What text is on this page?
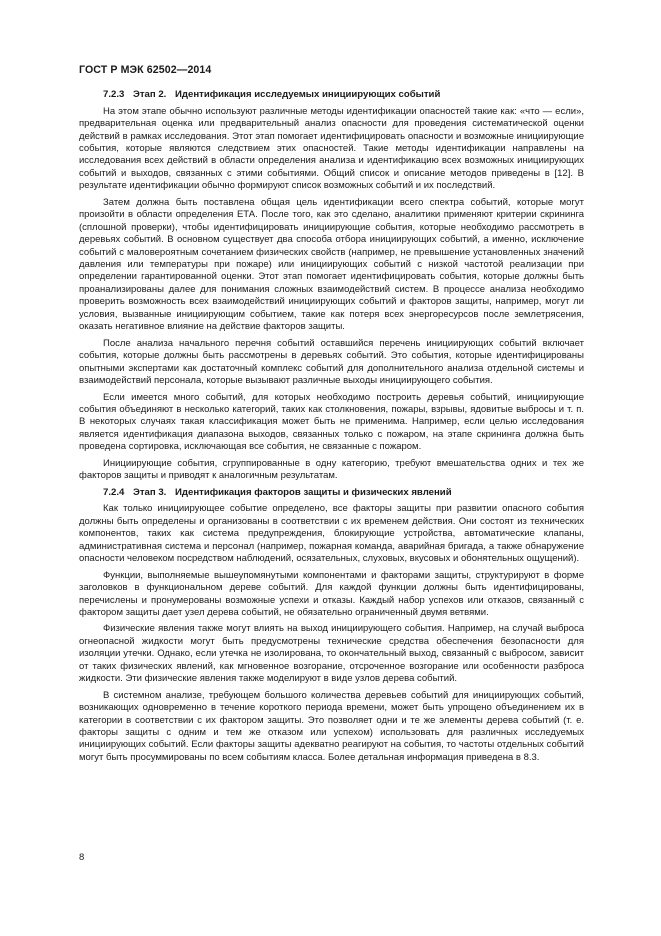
ГОСТ Р МЭК 62502—2014
7.2.3 Этап 2. Идентификация исследуемых инициирующих событий

На этом этапе обычно используют различные методы идентификации опасностей такие как: «что — если», предварительная оценка или предварительный анализ опасности для проведения систематической оценки действий в рамках исследования. Этот этап помогает идентифицировать опасности и возможные инициирующие события, которые являются следствием этих опасностей. Такие методы идентификации направлены на исследования всех действий в области определения анализа и идентификацию всех возможных инициирующих событий и выходов, связанных с этими событиями. Общий список и описание методов приведены в [12]. В результате идентификации обычно формируют список возможных событий и их последствий.

Затем должна быть поставлена общая цель идентификации всего спектра событий, которые могут произойти в области определения ЕТА. После того, как это сделано, аналитики применяют критерии скрининга (сплошной проверки), чтобы идентифицировать инициирующие события, которые необходимо рассмотреть в деревьях событий. В основном существует два способа отбора инициирующих событий, а именно, исключение событий с маловероятным сочетанием физических свойств (например, не превышение установленных значений давления или температуры при пожаре) или инициирующих событий с низкой частотой реализации при определении гарантированной оценки. Этот этап помогает идентифицировать события, которые должны быть проанализированы далее для понимания сложных взаимодействий систем. В процессе анализа необходимо проверить возможность всех взаимодействий инициирующих событий и факторов защиты, например, могут ли условия, вызванные инициирующим событием, такие как потеря всех энергоресурсов после землетрясения, оказать негативное влияние на действие факторов защиты.

После анализа начального перечня событий оставшийся перечень инициирующих событий включает события, которые должны быть рассмотрены в деревьях событий. Это события, которые идентифицированы опытными экспертами как достаточный комплекс событий для дополнительного анализа отдельной системы и взаимодействий персонала, которые вызывают различные выходы инициирующего события.

Если имеется много событий, для которых необходимо построить деревья событий, инициирующие события объединяют в несколько категорий, таких как столкновения, пожары, взрывы, ядовитые выбросы и т. п. В некоторых случаях такая классификация может быть не применима. Например, если целью исследования является идентификация диапазона выходов, связанных только с пожаром, на этапе скрининга должна быть проведена сортировка, исключающая все события, не связанные с пожаром.

Инициирующие события, сгруппированные в одну категорию, требуют вмешательства одних и тех же факторов защиты и приводят к аналогичным результатам.

7.2.4 Этап 3. Идентификация факторов защиты и физических явлений

Как только инициирующее событие определено, все факторы защиты при развитии опасного события должны быть определены и организованы в соответствии с их временем действия. Они состоят из технических компонентов, таких как система предупреждения, блокирующие устройства, автоматические клапаны, административная система и персонал (например, пожарная команда, аварийная бригада, а также обнаружение опасности человеком посредством наблюдений, осязательных, слуховых, вкусовых и обонятельных ощущений).

Функции, выполняемые вышеупомянутыми компонентами и факторами защиты, структурируют в форме заголовков в функциональном дереве событий. Для каждой функции должны быть идентифицированы, перечислены и пронумерованы возможные успехи и отказы. Каждый набор успехов или отказов, связанный с фактором защиты дает узел дерева событий, не обязательно ограниченный двумя ветвями.

Физические явления также могут влиять на выход инициирующего события. Например, на случай выброса огнеопасной жидкости могут быть предусмотрены технические средства обеспечения безопасности для изоляции утечки. Однако, если утечка не изолирована, то окончательный выход, связанный с выбросом, зависит от таких физических явлений, как мгновенное возгорание, отсроченное возгорание или особенности разброса жидкости. Эти физические явления также моделируют в виде узлов дерева событий.

В системном анализе, требующем большого количества деревьев событий для инициирующих событий, возникающих одновременно в течение короткого периода времени, может быть упрощено объединением их в категории в соответствии с их фактором защиты. Это позволяет одни и те же элементы дерева событий (т. е. факторы защиты с одним и тем же отказом или успехом) использовать для различных исследуемых инициирующих событий. Если факторы защиты адекватно реагируют на события, то частоты отдельных событий могут быть просуммированы по всем событиям класса. Более детальная информация приведена в 8.3.

8
